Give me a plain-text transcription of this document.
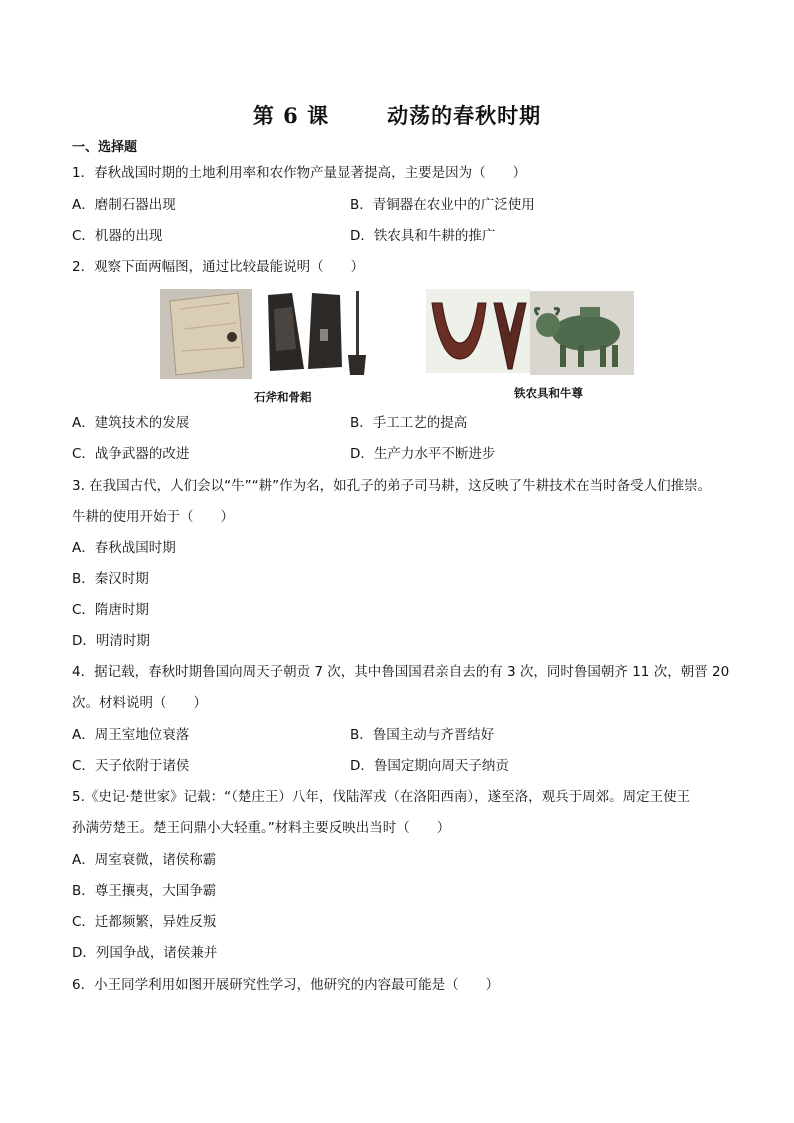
第 6 课	动荡的春秋时期
一、选择题
1．春秋战国时期的土地利用率和农作物产量显著提高，主要是因为（　　）
A．磨制石器出现	B．青铜器在农业中的广泛使用
C．机器的出现	D．铁农具和牛耕的推广
2．观察下面两幅图，通过比较最能说明（　　）
石斧和骨耜	铁农具和牛尊
A．建筑技术的发展	B．手工工艺的提高
C．战争武器的改进	D．生产力水平不断进步
3. 在我国古代，人们会以“牛”“耕”作为名，如孔子的弟子司马耕，这反映了牛耕技术在当时备受人们推崇。
牛耕的使用开始于（　　）
A．春秋战国时期
B．秦汉时期
C．隋唐时期
D．明清时期
4．据记载，春秋时期鲁国向周天子朝贡 7 次，其中鲁国国君亲自去的有 3 次，同时鲁国朝齐 11 次，朝晋 20
次。材料说明（　　）
A．周王室地位衰落	B．鲁国主动与齐晋结好
C．天子依附于诸侯	D．鲁国定期向周天子纳贡
5.《史记·楚世家》记载：“（楚庄王）八年，伐陆浑戎（在洛阳西南），遂至洛，观兵于周郊。周定王使王
孙满劳楚王。楚王问鼎小大轻重。”材料主要反映出当时（　　）
A．周室衰微，诸侯称霸
B．尊王攘夷，大国争霸
C．迁都频繁，异姓反叛
D．列国争战，诸侯兼并
6．小王同学利用如图开展研究性学习，他研究的内容最可能是（　　）
